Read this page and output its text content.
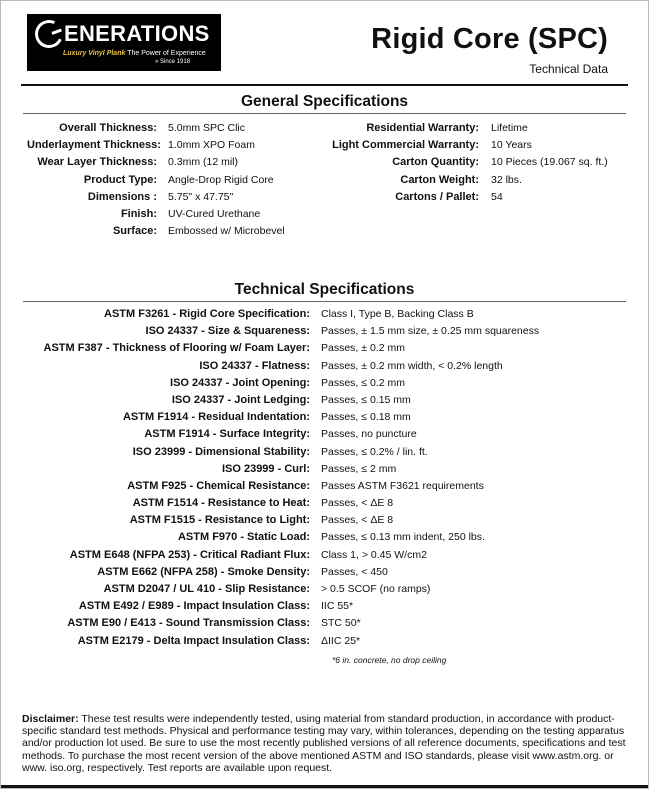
ENERATIONS
Luxury Vinyl Plank The Power of Experience
» Since 1918
Rigid Core (SPC)
Technical Data
General Specifications
Overall Thickness:	5.0mm SPC Clic
Underlayment Thickness: 1.0mm XPO Foam
Wear Layer Thickness:	0.3mm (12 mil)
Product Type:	Angle-Drop Rigid Core
Dimensions :	5.75" x 47.75"
Finish:	UV-Cured Urethane
Surface:	Embossed w/ Microbevel
Residential Warranty:	Lifetime
Light Commercial Warranty:	10 Years
Carton Quantity:	10 Pieces (19.067 sq. ft.)
Carton Weight:	32 lbs.
Cartons / Pallet:	54
Technical Specifications
ASTM F3261 - Rigid Core Specification:	Class I, Type B, Backing Class B
ISO 24337 - Size & Squareness:	Passes, ± 1.5 mm size, ± 0.25 mm squareness
ASTM F387 - Thickness of Flooring w/ Foam Layer:	Passes, ± 0.2 mm
ISO 24337 - Flatness:	Passes, ± 0.2 mm width, < 0.2% length
ISO 24337 - Joint Opening:	Passes, ≤ 0.2 mm
ISO 24337 - Joint Ledging:	Passes, ≤ 0.15 mm
ASTM F1914 - Residual Indentation:	Passes, ≤ 0.18 mm
ASTM F1914 - Surface Integrity:	Passes, no puncture
ISO 23999 - Dimensional Stability:	Passes, ≤ 0.2% / lin. ft.
ISO 23999 - Curl:	Passes, ≤ 2 mm
ASTM F925 - Chemical Resistance:	Passes ASTM F3621 requirements
ASTM F1514 - Resistance to Heat:	Passes, < ΔE 8
ASTM F1515 - Resistance to Light:	Passes, < ΔE 8
ASTM F970 - Static Load:	Passes, ≤ 0.13 mm indent, 250 lbs.
ASTM E648 (NFPA 253) - Critical Radiant Flux:	Class 1, > 0.45 W/cm2
ASTM E662 (NFPA 258) - Smoke Density:	Passes, < 450
ASTM D2047 / UL 410 - Slip Resistance:	> 0.5 SCOF (no ramps)
ASTM E492 / E989 - Impact Insulation Class:	IIC 55*
ASTM E90 / E413 - Sound Transmission Class:	STC 50*
ASTM E2179 - Delta Impact Insulation Class:	ΔIIC 25*
*6 in. concrete, no drop ceiling
Disclaimer: These test results were independently tested, using material from standard production, in accordance with product-specific standard test methods. Physical and performance testing may vary, within tolerances, depending on the testing apparatus and/or production lot used. Be sure to use the most recently published versions of all reference documents, specifications and test methods. To purchase the most recent version of the above mentioned ASTM and ISO standards, please visit www.astm.org. or www. iso.org, respectively. Test reports are available upon request.
